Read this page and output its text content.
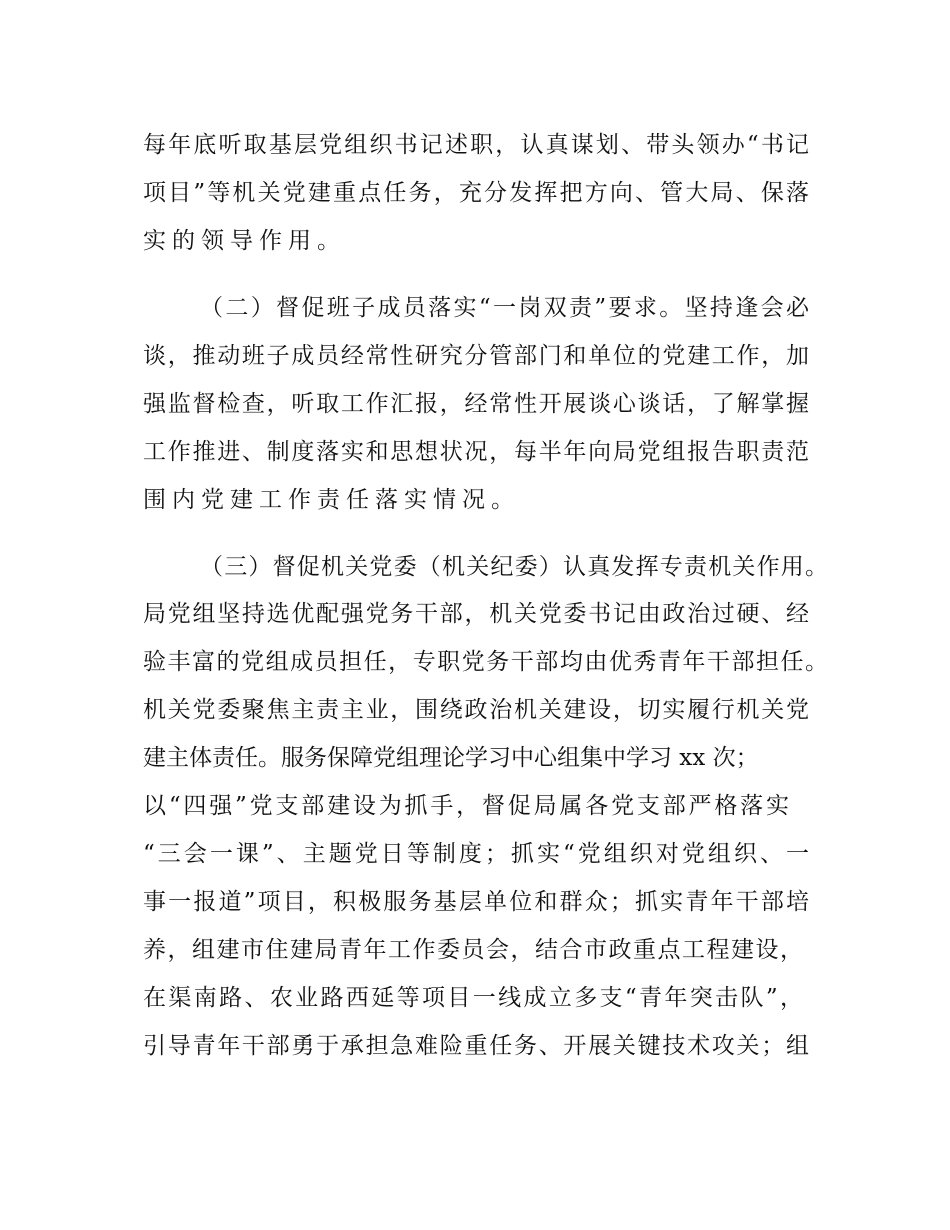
每年底听取基层党组织书记述职，认真谋划、带头领办“书记
项目”等机关党建重点任务，充分发挥把方向、管大局、保落
实的领导作用。
（二）督促班子成员落实“一岗双责”要求。坚持逢会必
谈，推动班子成员经常性研究分管部门和单位的党建工作，加
强监督检查，听取工作汇报，经常性开展谈心谈话，了解掌握
工作推进、制度落实和思想状况，每半年向局党组报告职责范
围内党建工作责任落实情况。
（三）督促机关党委（机关纪委）认真发挥专责机关作用。
局党组坚持选优配强党务干部，机关党委书记由政治过硬、经
验丰富的党组成员担任，专职党务干部均由优秀青年干部担任。
机关党委聚焦主责主业，围绕政治机关建设，切实履行机关党
建主体责任。服务保障党组理论学习中心组集中学习 xx 次；
以“四强”党支部建设为抓手，督促局属各党支部严格落实
“三会一课”、主题党日等制度；抓实“党组织对党组织、一
事一报道”项目，积极服务基层单位和群众；抓实青年干部培
养，组建市住建局青年工作委员会，结合市政重点工程建设，
在渠南路、农业路西延等项目一线成立多支“青年突击队”，
引导青年干部勇于承担急难险重任务、开展关键技术攻关；组
